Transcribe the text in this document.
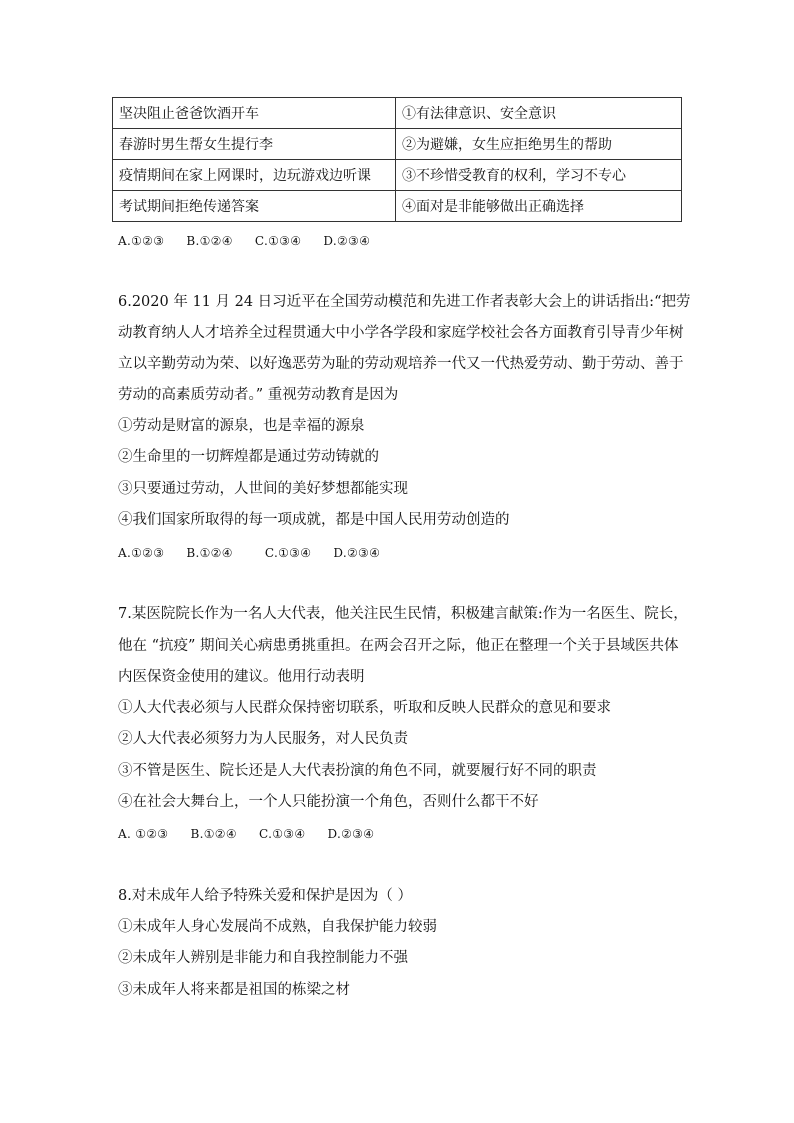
坚决阻止爸爸饮酒开车	①有法律意识、安全意识
春游时男生帮女生提行李	②为避嫌，女生应拒绝男生的帮助
疫情期间在家上网课时，边玩游戏边听课	③不珍惜受教育的权利，学习不专心
考试期间拒绝传递答案	④面对是非能够做出正确选择
A.①②③ B.①②④ C.①③④ D.②③④
6.2020 年 11 月 24 日习近平在全国劳动模范和先进工作者表彰大会上的讲话指出:“把劳
动教育纳人人才培养全过程贯通大中小学各学段和家庭学校社会各方面教育引导青少年树
立以辛勤劳动为荣、以好逸恶劳为耻的劳动观培养一代又一代热爱劳动、勤于劳动、善于
劳动的高素质劳动者。” 重视劳动教育是因为
①劳动是财富的源泉，也是幸福的源泉
②生命里的一切辉煌都是通过劳动铸就的
③只要通过劳动，人世间的美好梦想都能实现
④我们国家所取得的每一项成就，都是中国人民用劳动创造的
A.①②③ B.①②④	C.①③④ D.②③④
7.某医院院长作为一名人大代表，他关注民生民情，积极建言献策:作为一名医生、院长，
他在 “抗疫” 期间关心病患勇挑重担。在两会召开之际，他正在整理一个关于县域医共体
内医保资金使用的建议。他用行动表明
①人大代表必须与人民群众保持密切联系，听取和反映人民群众的意见和要求
②人大代表必须努力为人民服务，对人民负责
③不管是医生、院长还是人大代表扮演的角色不同，就要履行好不同的职责
④在社会大舞台上，一个人只能扮演一个角色，否则什么都干不好
A. ①②③ B.①②④ C.①③④ D.②③④
8.对未成年人给予特殊关爱和保护是因为（ ）
①未成年人身心发展尚不成熟，自我保护能力较弱
②未成年人辨别是非能力和自我控制能力不强
③未成年人将来都是祖国的栋梁之材
